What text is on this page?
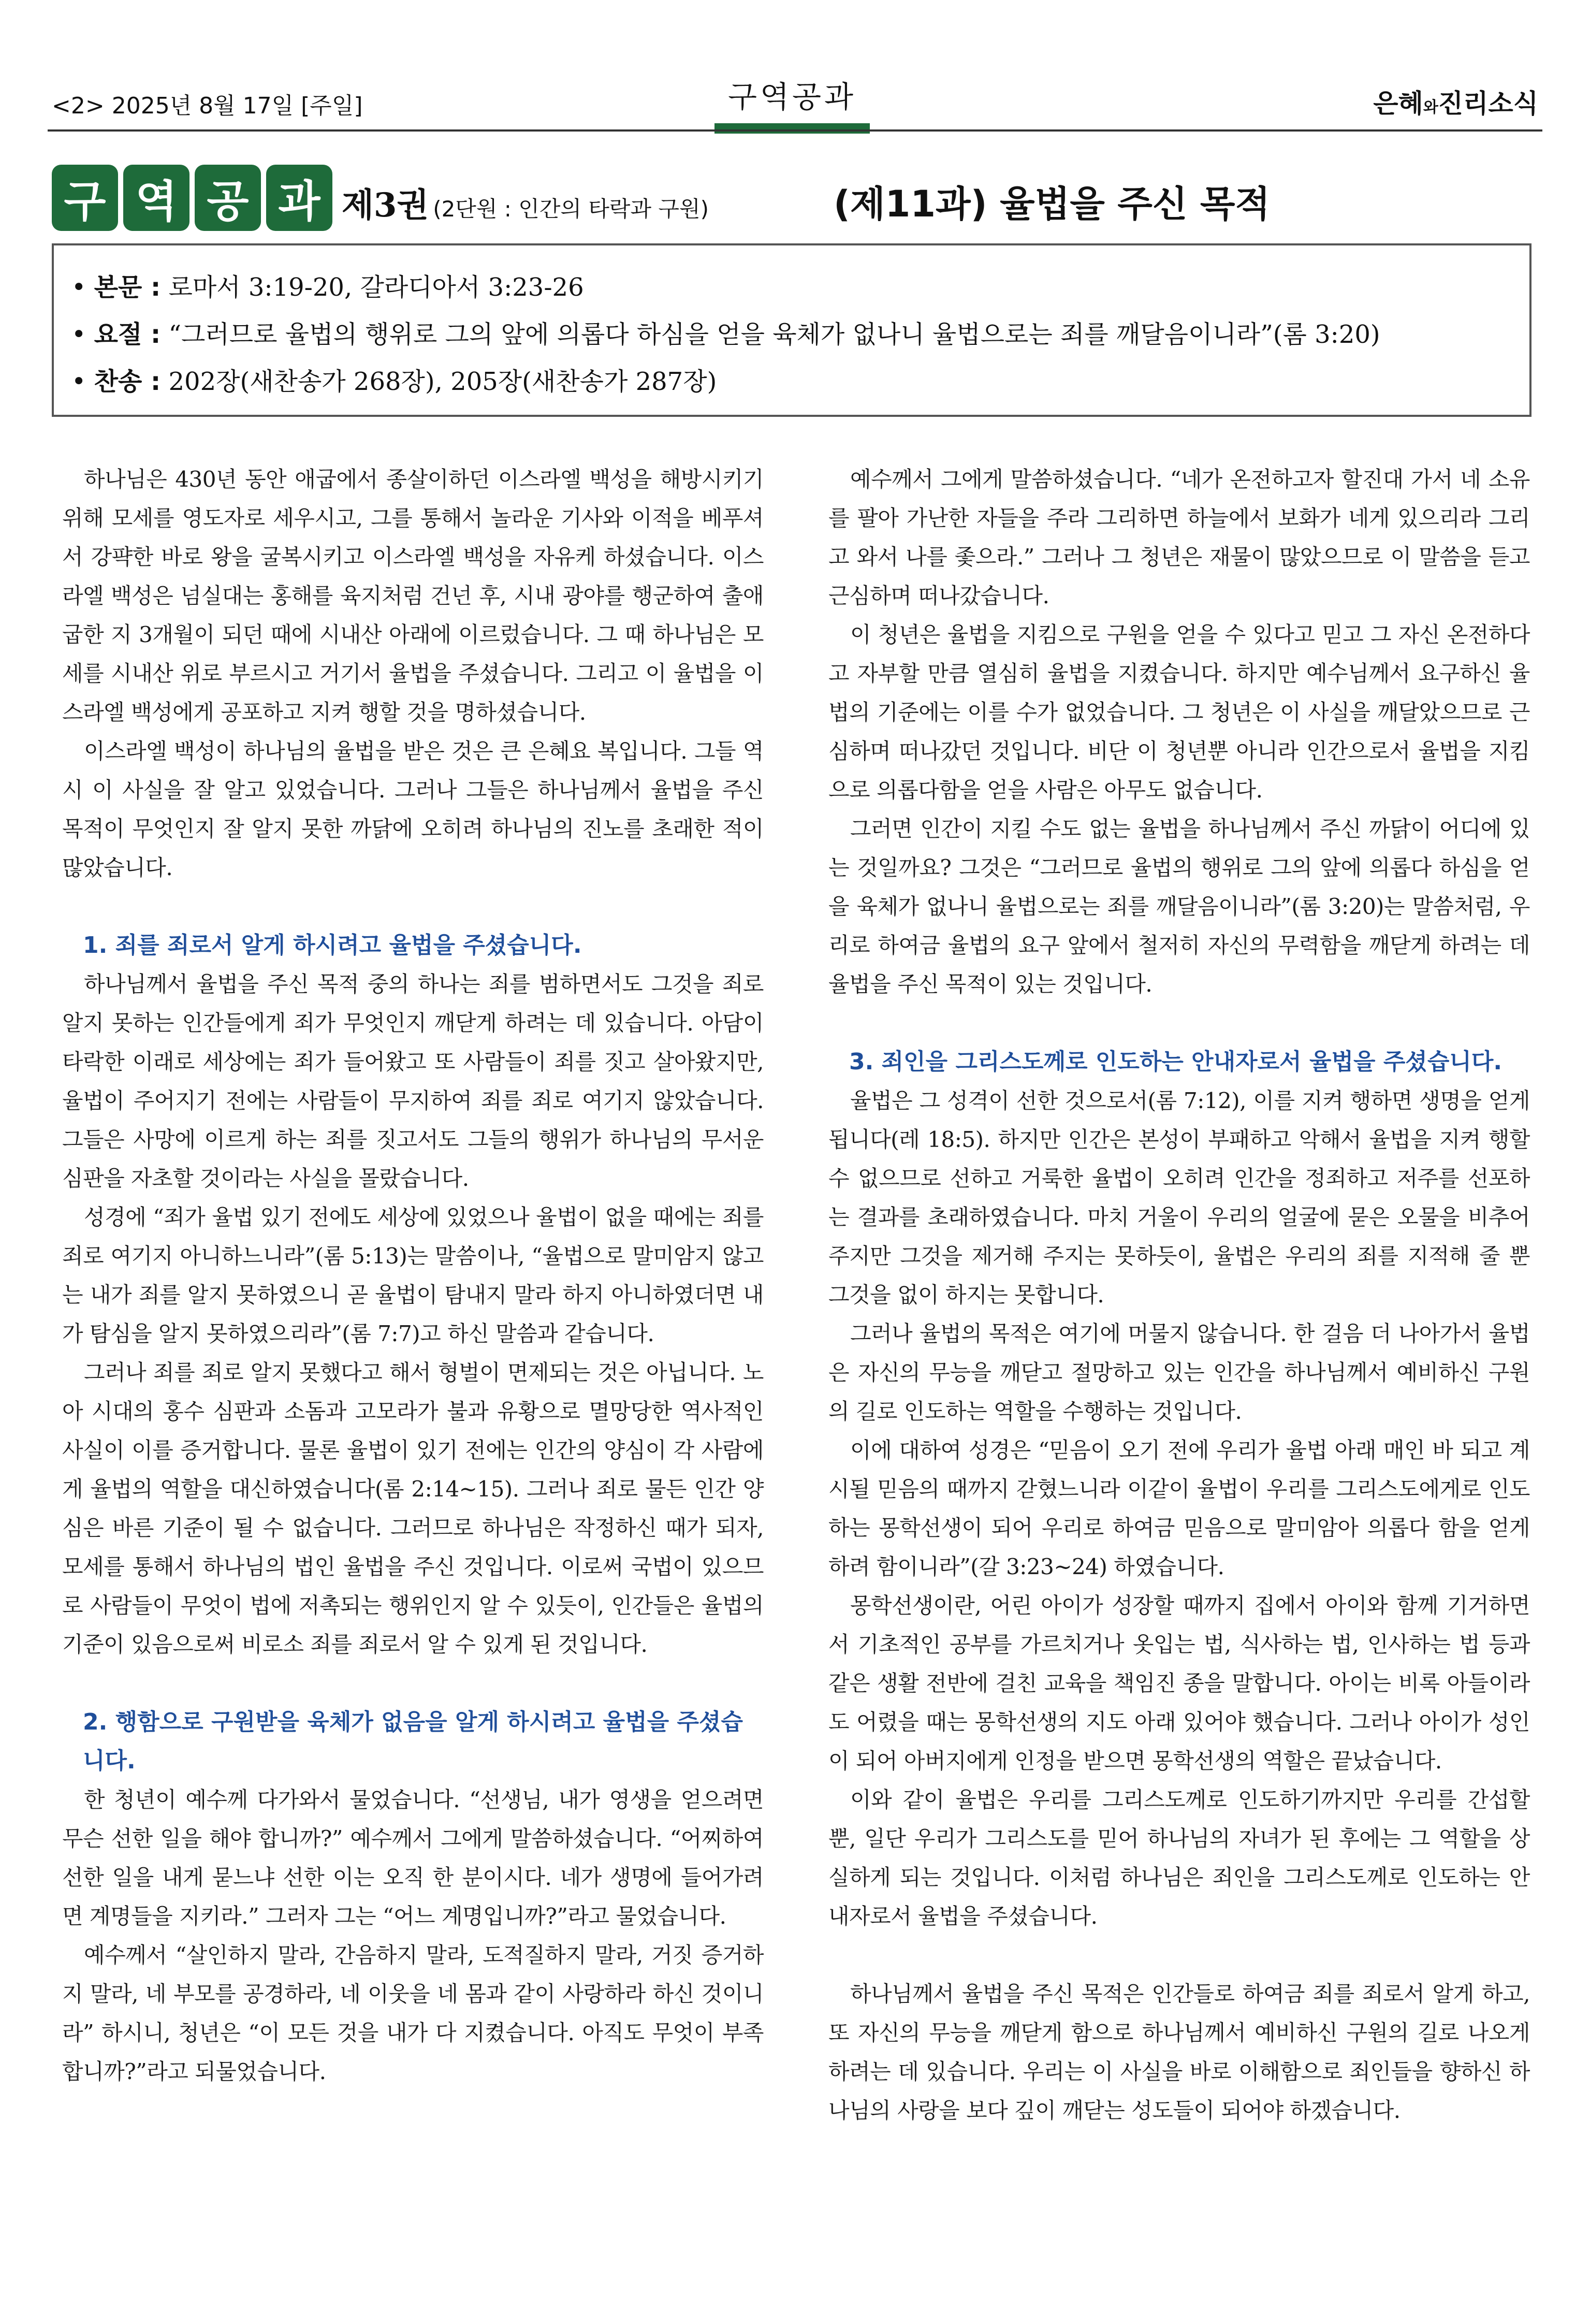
<2> 2025년 8월 17일 [주일]	구역공과	은혜와진리소식
구 역 공 과 제3권 (2단원 : 인간의 타락과 구원)	(제11과) 율법을 주신 목적
• 본문 : 로마서 3:19-20, 갈라디아서 3:23-26
• 요절 : “그러므로 율법의 행위로 그의 앞에 의롭다 하심을 얻을 육체가 없나니 율법으로는 죄를 깨달음이니라”(롬 3:20)
• 찬송 : 202장(새찬송가 268장), 205장(새찬송가 287장)

하나님은 430년 동안 애굽에서 종살이하던 이스라엘 백성을 해방시키기 위해 모세를 영도자로 세우시고, 그를 통해서 놀라운 기사와 이적을 베푸셔서 강퍅한 바로 왕을 굴복시키고 이스라엘 백성을 자유케 하셨습니다. 이스라엘 백성은 넘실대는 홍해를 육지처럼 건넌 후, 시내 광야를 행군하여 출애굽한 지 3개월이 되던 때에 시내산 아래에 이르렀습니다. 그 때 하나님은 모세를 시내산 위로 부르시고 거기서 율법을 주셨습니다. 그리고 이 율법을 이스라엘 백성에게 공포하고 지켜 행할 것을 명하셨습니다.

이스라엘 백성이 하나님의 율법을 받은 것은 큰 은혜요 복입니다. 그들 역시 이 사실을 잘 알고 있었습니다. 그러나 그들은 하나님께서 율법을 주신 목적이 무엇인지 잘 알지 못한 까닭에 오히려 하나님의 진노를 초래한 적이 많았습니다.

1. 죄를 죄로서 알게 하시려고 율법을 주셨습니다.

하나님께서 율법을 주신 목적 중의 하나는 죄를 범하면서도 그것을 죄로 알지 못하는 인간들에게 죄가 무엇인지 깨닫게 하려는 데 있습니다. 아담이 타락한 이래로 세상에는 죄가 들어왔고 또 사람들이 죄를 짓고 살아왔지만, 율법이 주어지기 전에는 사람들이 무지하여 죄를 죄로 여기지 않았습니다. 그들은 사망에 이르게 하는 죄를 짓고서도 그들의 행위가 하나님의 무서운 심판을 자초할 것이라는 사실을 몰랐습니다.

성경에 “죄가 율법 있기 전에도 세상에 있었으나 율법이 없을 때에는 죄를 죄로 여기지 아니하느니라”(롬 5:13)는 말씀이나, “율법으로 말미암지 않고는 내가 죄를 알지 못하였으니 곧 율법이 탐내지 말라 하지 아니하였더면 내가 탐심을 알지 못하였으리라”(롬 7:7)고 하신 말씀과 같습니다.

그러나 죄를 죄로 알지 못했다고 해서 형벌이 면제되는 것은 아닙니다. 노아 시대의 홍수 심판과 소돔과 고모라가 불과 유황으로 멸망당한 역사적인 사실이 이를 증거합니다. 물론 율법이 있기 전에는 인간의 양심이 각 사람에게 율법의 역할을 대신하였습니다(롬 2:14~15). 그러나 죄로 물든 인간 양심은 바른 기준이 될 수 없습니다. 그러므로 하나님은 작정하신 때가 되자, 모세를 통해서 하나님의 법인 율법을 주신 것입니다. 이로써 국법이 있으므로 사람들이 무엇이 법에 저촉되는 행위인지 알 수 있듯이, 인간들은 율법의 기준이 있음으로써 비로소 죄를 죄로서 알 수 있게 된 것입니다.

2. 행함으로 구원받을 육체가 없음을 알게 하시려고 율법을 주셨습니다.

한 청년이 예수께 다가와서 물었습니다. “선생님, 내가 영생을 얻으려면 무슨 선한 일을 해야 합니까?” 예수께서 그에게 말씀하셨습니다. “어찌하여 선한 일을 내게 묻느냐 선한 이는 오직 한 분이시다. 네가 생명에 들어가려면 계명들을 지키라.” 그러자 그는 “어느 계명입니까?”라고 물었습니다.

예수께서 “살인하지 말라, 간음하지 말라, 도적질하지 말라, 거짓 증거하지 말라, 네 부모를 공경하라, 네 이웃을 네 몸과 같이 사랑하라 하신 것이니라” 하시니, 청년은 “이 모든 것을 내가 다 지켰습니다. 아직도 무엇이 부족합니까?”라고 되물었습니다.

예수께서 그에게 말씀하셨습니다. “네가 온전하고자 할진대 가서 네 소유를 팔아 가난한 자들을 주라 그리하면 하늘에서 보화가 네게 있으리라 그리고 와서 나를 좇으라.” 그러나 그 청년은 재물이 많았으므로 이 말씀을 듣고 근심하며 떠나갔습니다.

이 청년은 율법을 지킴으로 구원을 얻을 수 있다고 믿고 그 자신 온전하다고 자부할 만큼 열심히 율법을 지켰습니다. 하지만 예수님께서 요구하신 율법의 기준에는 이를 수가 없었습니다. 그 청년은 이 사실을 깨달았으므로 근심하며 떠나갔던 것입니다. 비단 이 청년뿐 아니라 인간으로서 율법을 지킴으로 의롭다함을 얻을 사람은 아무도 없습니다.

그러면 인간이 지킬 수도 없는 율법을 하나님께서 주신 까닭이 어디에 있는 것일까요? 그것은 “그러므로 율법의 행위로 그의 앞에 의롭다 하심을 얻을 육체가 없나니 율법으로는 죄를 깨달음이니라”(롬 3:20)는 말씀처럼, 우리로 하여금 율법의 요구 앞에서 철저히 자신의 무력함을 깨닫게 하려는 데 율법을 주신 목적이 있는 것입니다.

3. 죄인을 그리스도께로 인도하는 안내자로서 율법을 주셨습니다.

율법은 그 성격이 선한 것으로서(롬 7:12), 이를 지켜 행하면 생명을 얻게 됩니다(레 18:5). 하지만 인간은 본성이 부패하고 악해서 율법을 지켜 행할 수 없으므로 선하고 거룩한 율법이 오히려 인간을 정죄하고 저주를 선포하는 결과를 초래하였습니다. 마치 거울이 우리의 얼굴에 묻은 오물을 비추어 주지만 그것을 제거해 주지는 못하듯이, 율법은 우리의 죄를 지적해 줄 뿐 그것을 없이 하지는 못합니다.

그러나 율법의 목적은 여기에 머물지 않습니다. 한 걸음 더 나아가서 율법은 자신의 무능을 깨닫고 절망하고 있는 인간을 하나님께서 예비하신 구원의 길로 인도하는 역할을 수행하는 것입니다.

이에 대하여 성경은 “믿음이 오기 전에 우리가 율법 아래 매인 바 되고 계시될 믿음의 때까지 갇혔느니라 이같이 율법이 우리를 그리스도에게로 인도하는 몽학선생이 되어 우리로 하여금 믿음으로 말미암아 의롭다 함을 얻게 하려 함이니라”(갈 3:23~24) 하였습니다.

몽학선생이란, 어린 아이가 성장할 때까지 집에서 아이와 함께 기거하면서 기초적인 공부를 가르치거나 옷입는 법, 식사하는 법, 인사하는 법 등과 같은 생활 전반에 걸친 교육을 책임진 종을 말합니다. 아이는 비록 아들이라도 어렸을 때는 몽학선생의 지도 아래 있어야 했습니다. 그러나 아이가 성인이 되어 아버지에게 인정을 받으면 몽학선생의 역할은 끝났습니다.

이와 같이 율법은 우리를 그리스도께로 인도하기까지만 우리를 간섭할 뿐, 일단 우리가 그리스도를 믿어 하나님의 자녀가 된 후에는 그 역할을 상실하게 되는 것입니다. 이처럼 하나님은 죄인을 그리스도께로 인도하는 안내자로서 율법을 주셨습니다.

하나님께서 율법을 주신 목적은 인간들로 하여금 죄를 죄로서 알게 하고, 또 자신의 무능을 깨닫게 함으로 하나님께서 예비하신 구원의 길로 나오게 하려는 데 있습니다. 우리는 이 사실을 바로 이해함으로 죄인들을 향하신 하나님의 사랑을 보다 깊이 깨닫는 성도들이 되어야 하겠습니다.
